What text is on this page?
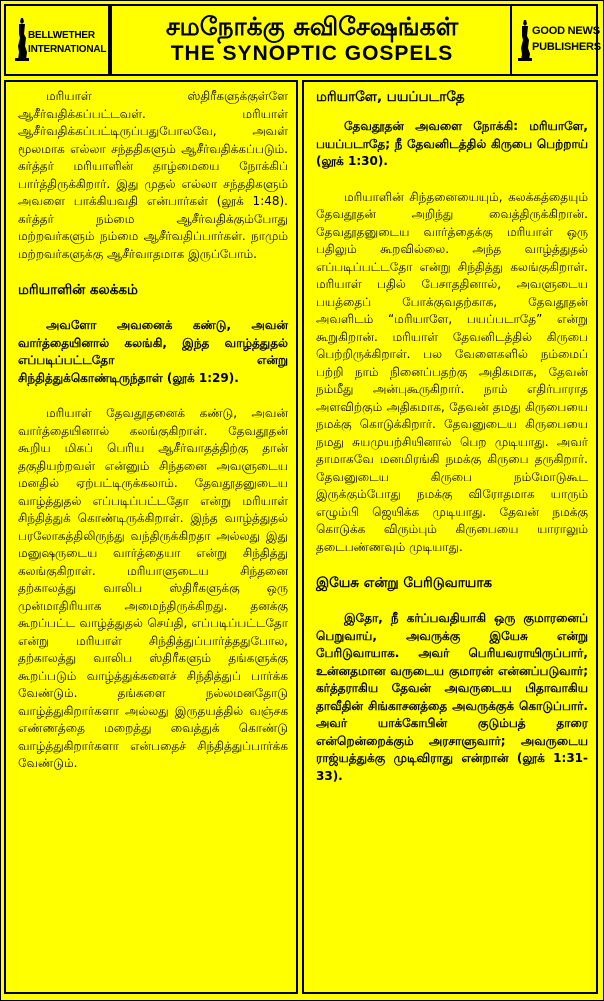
BELLWETHER
INTERNATIONAL
சமநோக்கு சுவிசேஷங்கள்
THE SYNOPTIC GOSPELS
GOOD NEWS
PUBLISHERS

மரியாள் ஸ்திரீகளுக்குள்ளே ஆசீர்வதிக்கப்பட்டவள். மரியாள் ஆசீர்வதிக்கப்பட்டிருப்பதுபோலவே, அவள் மூலமாக எல்லா சந்ததிகளும் ஆசீர்வதிக்கப்படும். கர்த்தர் மரியாளின் தாழ்மையை நோக்கிப் பார்த்திருக்கிறார். இது முதல் எல்லா சந்ததிகளும் அவளை பாக்கியவதி என்பார்கள் (லூக் 1:48). கர்த்தர் நம்மை ஆசீர்வதிக்கும்போது மற்றவர்களும் நம்மை ஆசீர்வதிப்பார்கள். நாமும் மற்றவர்களுக்கு ஆசீர்வாதமாக இருப்போம்.

மரியாளின் கலக்கம்

அவளோ அவனைக் கண்டு, அவன் வார்த்தையினால் கலங்கி, இந்த வாழ்த்துதல் எப்படிப்பட்டதோ என்று சிந்தித்துக்கொண்டிருந்தாள் (லூக் 1:29).

மரியாள் தேவதூதனைக் கண்டு, அவன் வார்த்தையினால் கலங்குகிறாள். தேவதூதன் கூறிய மிகப் பெரிய ஆசீர்வாதத்திற்கு தான் தகுதியற்றவள் என்னும் சிந்தனை அவளுடைய மனதில் ஏற்பட்டிருக்கலாம். தேவதூதனுடைய வாழ்த்துதல் எப்படிப்பட்டதோ என்று மரியாள் சிந்தித்துக் கொண்டிருக்கிறாள். இந்த வாழ்த்துதல் பரலோகத்திலிருந்து வந்திருக்கிறதா அல்லது இது மனுஷருடைய வார்த்தையா என்று சிந்தித்து கலங்குகிறாள். மரியாளுடைய சிந்தனை தற்காலத்து வாலிப ஸ்திரீகளுக்கு ஒரு முன்மாதிரியாக அமைந்திருக்கிறது. தனக்கு கூறப்பட்ட வாழ்த்துதல் செய்தி, எப்படிப்பட்டதோ என்று மரியாள் சிந்தித்துப்பார்த்ததுபோல, தற்காலத்து வாலிப ஸ்திரீகளும் தங்களுக்கு கூறப்படும் வாழ்த்துக்களைச் சிந்தித்துப் பார்க்க வேண்டும். தங்களை நல்லமனதோடு வாழ்த்துகிறார்களா அல்லது இருதயத்தில் வஞ்சக எண்ணத்தை மறைத்து வைத்துக் கொண்டு வாழ்த்துகிறார்களா என்பதைச் சிந்தித்துப்பார்க்க வேண்டும்.

மரியாளே, பயப்படாதே

தேவதூதன் அவளை நோக்கி: மரியாளே, பயப்படாதே; நீ தேவனிடத்தில் கிருபை பெற்றாய் (லூக் 1:30).

மரியாளின் சிந்தனையையும், கலக்கத்தையும் தேவதூதன் அறிந்து வைத்திருக்கிறான். தேவதூதனுடைய வார்த்தைக்கு மரியாள் ஒரு பதிலும் கூறவில்லை. அந்த வாழ்த்துதல் எப்படிப்பட்டதோ என்று சிந்தித்து கலங்குகிறாள். மரியாள் பதில் பேசாததினால், அவளுடைய பயத்தைப் போக்குவதற்காக, தேவதூதன் அவளிடம் “மரியாளே, பயப்படாதே” என்று கூறுகிறான். மரியாள் தேவனிடத்தில் கிருபை பெற்றிருக்கிறாள். பல வேளைகளில் நம்மைப் பற்றி நாம் நினைப்பதற்கு அதிகமாக, தேவன் நம்மீது அன்புகூருகிறார். நாம் எதிர்பாராத அளவிற்கும் அதிகமாக, தேவன் தமது கிருபையை நமக்கு கொடுக்கிறார். தேவனுடைய கிருபையை நமது சுயமுயற்சியினால் பெற முடியாது. அவர் தாமாகவே மனமிரங்கி நமக்கு கிருபை தருகிறார். தேவனுடைய கிருபை நம்மோடுகூட இருக்கும்போது நமக்கு விரோதமாக யாரும் எழும்பி ஜெயிக்க முடியாது. தேவன் நமக்கு கொடுக்க விரும்பும் கிருபையை யாராலும் தடைபண்ணவும் முடியாது.

இயேசு என்று பேரிடுவாயாக

இதோ, நீ கர்ப்பவதியாகி ஒரு குமாரனைப் பெறுவாய், அவருக்கு இயேசு என்று பேரிடுவாயாக. அவர் பெரியவராயிருப்பார், உன்னதமான வருடைய குமாரன் என்னப்படுவார்; கர்த்தராகிய தேவன் அவருடைய பிதாவாகிய தாவீதின் சிங்காசனத்தை அவருக்குக் கொடுப்பார். அவர் யாக்கோபின் குடும்பத் தாரை என்றென்றைக்கும் அரசாளுவார்; அவருடைய ராஜ்யத்துக்கு முடிவிராது என்றான் (லூக் 1:31-33).
